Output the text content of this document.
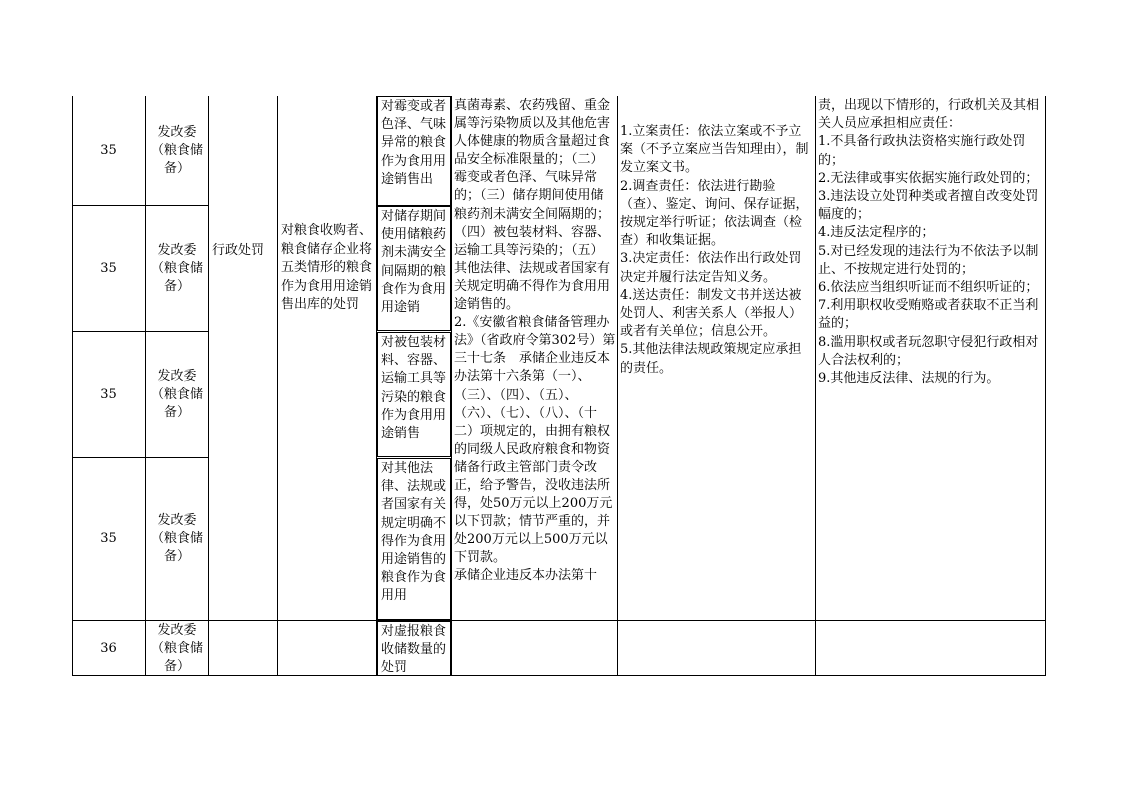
35
35
35
35
36
发改委（粮食储备）
发改委（粮食储备）
发改委（粮食储备）
发改委（粮食储备）
发改委（粮食储备）
行政处罚
对粮食收购者、粮食储存企业将五类情形的粮食作为食用用途销售出库的处罚
对霉变或者色泽、气味异常的粮食作为食用用途销售出
对储存期间使用储粮药剂未满安全间隔期的粮食作为食用用途销
对被包装材料、容器、运输工具等污染的粮食作为食用用途销售
对其他法律、法规或者国家有关规定明确不得作为食用用途销售的粮食作为食用用
对虚报粮食收储数量的处罚
真菌毒素、农药残留、重金属等污染物质以及其他危害人体健康的物质含量超过食品安全标准限量的；（二）霉变或者色泽、气味异常的；（三）储存期间使用储粮药剂未满安全间隔期的；（四）被包装材料、容器、运输工具等污染的；（五）其他法律、法规或者国家有关规定明确不得作为食用用途销售的。
2.《安徽省粮食储备管理办法》（省政府令第302号）第三十七条　承储企业违反本办法第十六条第（一）、（三）、（四）、（五）、（六）、（七）、（八）、（十二）项规定的，由拥有粮权的同级人民政府粮食和物资储备行政主管部门责令改正，给予警告，没收违法所得，处50万元以上200万元以下罚款；情节严重的，并处200万元以上500万元以下罚款。
承储企业违反本办法第十
1.立案责任：依法立案或不予立案（不予立案应当告知理由），制发立案文书。
2.调查责任：依法进行勘验（查）、鉴定、询问、保存证据，按规定举行听证；依法调查（检查）和收集证据。
3.决定责任：依法作出行政处罚决定并履行法定告知义务。
4.送达责任：制发文书并送达被处罚人、利害关系人（举报人）或者有关单位；信息公开。
5.其他法律法规政策规定应承担的责任。
责，出现以下情形的，行政机关及其相关人员应承担相应责任：
1.不具备行政执法资格实施行政处罚的；
2.无法律或事实依据实施行政处罚的；
3.违法设立处罚种类或者擅自改变处罚幅度的；
4.违反法定程序的；
5.对已经发现的违法行为不依法予以制止、不按规定进行处罚的；
6.依法应当组织听证而不组织听证的；
7.利用职权收受贿赂或者获取不正当利益的；
8.滥用职权或者玩忽职守侵犯行政相对人合法权利的；
9.其他违反法律、法规的行为。
